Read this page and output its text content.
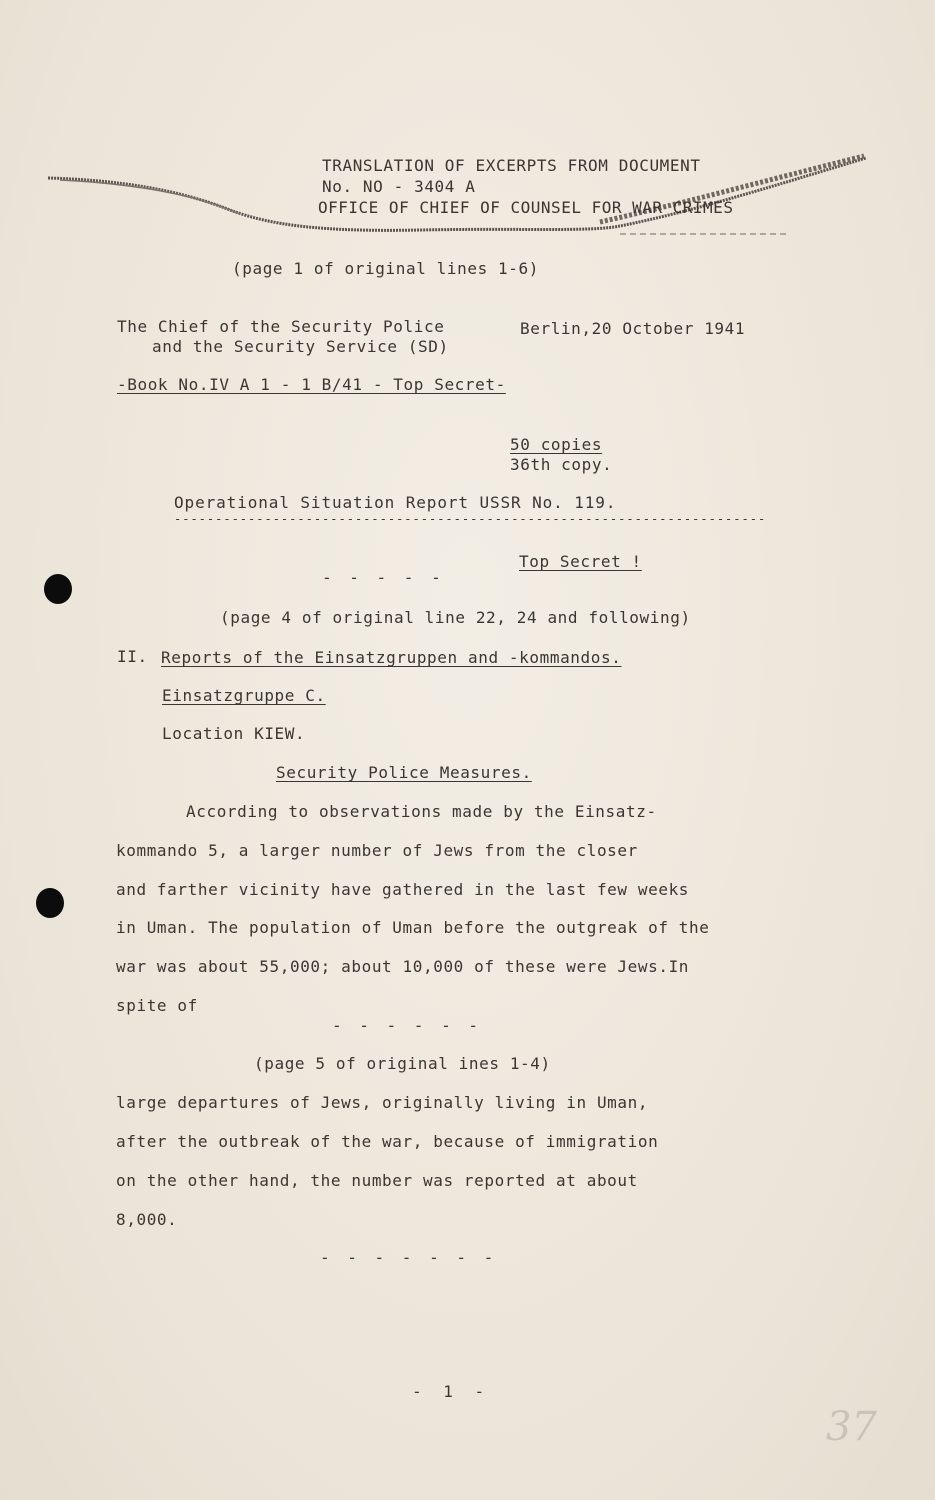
TRANSLATION OF EXCERPTS FROM DOCUMENT
No. NO - 3404 A
OFFICE OF CHIEF OF COUNSEL FOR WAR CRIMES
(page 1 of original lines 1-6)
The Chief of the Security Police
and the Security Service (SD)
Berlin,20 October 1941
-Book No.IV A 1 - 1 B/41 - Top Secret-
50 copies
36th copy.
Operational Situation Report USSR No. 119.
------------------------------------------------------------------------
Top Secret !
- - - - -
(page 4 of original line 22, 24 and following)
II. Reports of the Einsatzgruppen and -kommandos.
Einsatzgruppe C.
Location KIEW.
Security Police Measures.
According to observations made by the Einsatz-
kommando 5, a larger number of Jews from the closer
and farther vicinity have gathered in the last few weeks
in Uman. The population of Uman before the outgreak of the
war was about 55,000; about 10,000 of these were Jews.In
spite of
- - - - - -
(page 5 of original ines 1-4)
large departures of Jews, originally living in Uman,
after the outbreak of the war, because of immigration
on the other hand, the number was reported at about
8,000.
- - - - - - -
- 1 -
37
